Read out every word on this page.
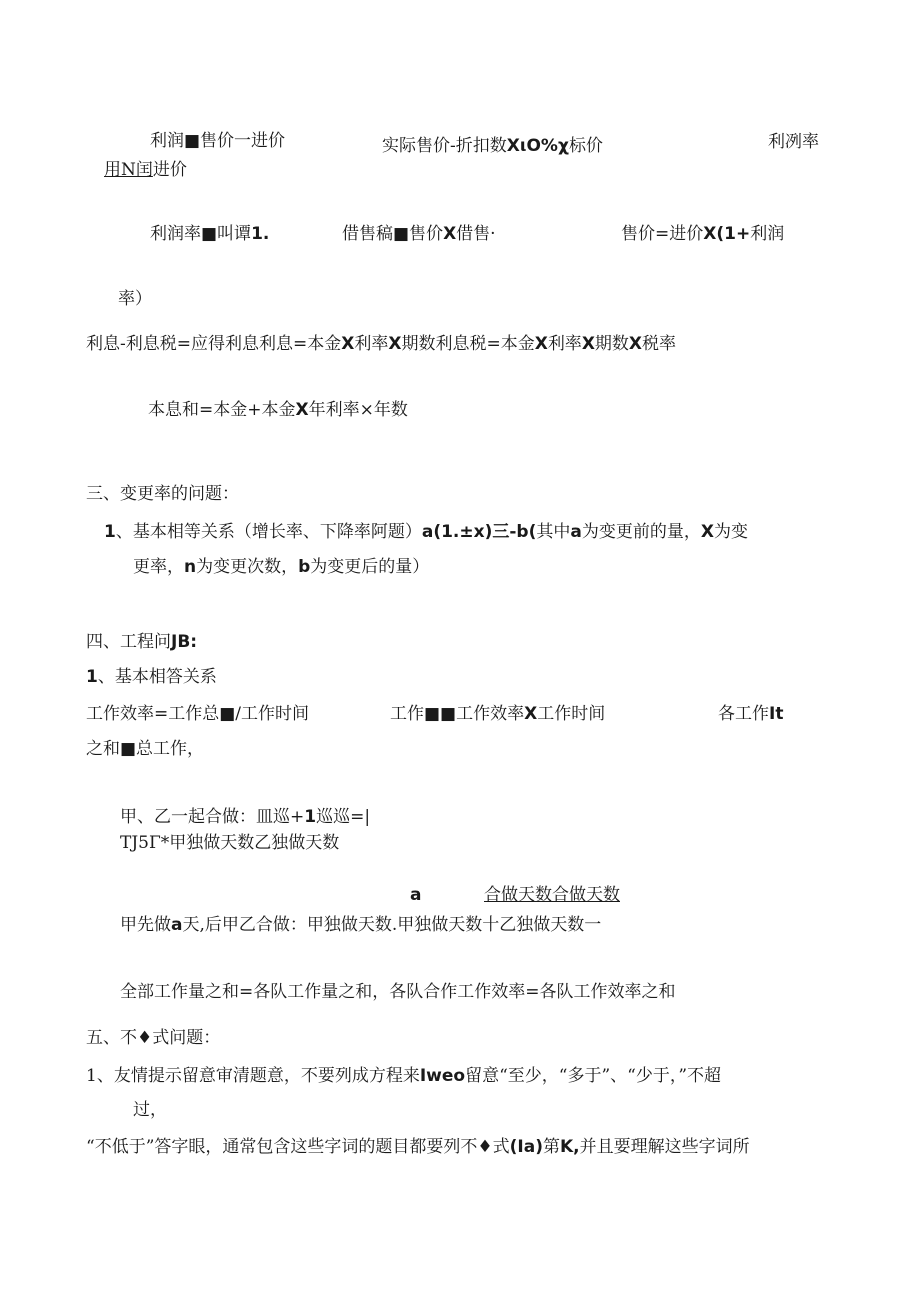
利润■售价一进价	实际售价-折扣数XιO%χ标价	利冽率
用N闰进价
利润率■叫谭1.	借售稿■售价X借售·	售价=进价X(1+利润
率）
利息-利息税=应得利息利息=本金X利率X期数利息税=本金X利率X期数X税率
本息和=本金+本金X年利率×年数
三、变更率的问题：
1、基本相等关系（增长率、下降率阿题）a(1.±x)三-b(其中a为变更前的量，X为变
更率，n为变更次数，b为变更后的量）
四、工程问JB:
1、基本相答关系
工作效率=工作总■/工作时间	工作■■工作效率X工作时间	各工作It
之和■总工作，
甲、乙一起合做：皿巡+1巡巡=|
TJ5Γ*甲独做天数乙独做天数
a	合做天数合做天数
甲先做a天,后甲乙合做：甲独做天数.甲独做天数十乙独做天数一
全部工作量之和=各队工作量之和，各队合作工作效率=各队工作效率之和
五、不♦式问题：
1、友情提示留意审清题意，不要列成方程来Iweo留意“至少，“多于”、“少于，”不超
过，
“不低于”答字眼，通常包含这些字词的题目都要列不♦式(Ia)第K,并且要理解这些字词所
